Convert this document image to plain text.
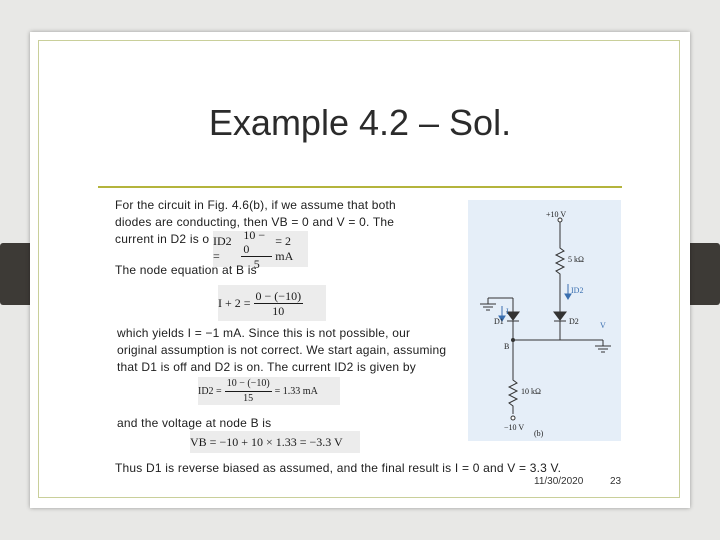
Example 4.2 – Sol.
For the circuit in Fig. 4.6(b), if we assume that both diodes are conducting, then VB = 0 and V = 0. The current in D2 is o ID2 =	$\frac{10 - 0}{5} = 2$ mA
The node equation at B is
$I + 2 = \frac{0 - (-10)}{10}$
which yields I = −1 mA. Since this is not possible, our original assumption is not correct. We start again, assuming that D1 is off and D2 is on. The current ID2 is given by
$ID2 = \frac{10 - (-10)}{15} = 1.33$ mA
and the voltage at node B is
VB = −10 + 10 × 1.33 = −3.3 V
Thus D1 is reverse biased as assumed, and the final result is I = 0 and V = 3.3 V.
11/30/2020	23
+10 V
5 kΩ
ID2
D1
I
D2	V
B
10 kΩ
−10 V
(b)
